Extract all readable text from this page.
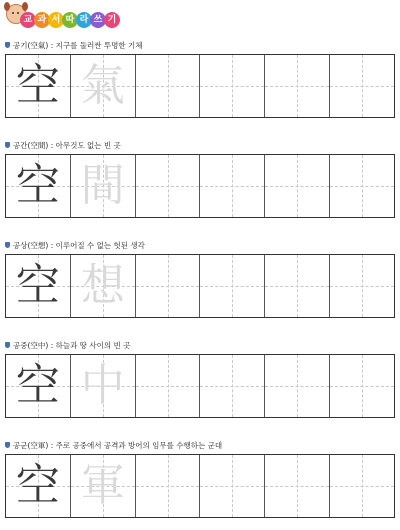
교 과 서 따 라 쓰 기
공기(空氣) : 지구를 둘러싼 투명한 기체
空 氣
공간(空間) : 아무것도 없는 빈 곳
空 間
공상(空想) : 이루어질 수 없는 헛된 생각
空 想
공중(空中) : 하늘과 땅 사이의 빈 곳
空 中
공군(空軍) : 주로 공중에서 공격과 방어의 임무를 수행하는 군대
空 軍
